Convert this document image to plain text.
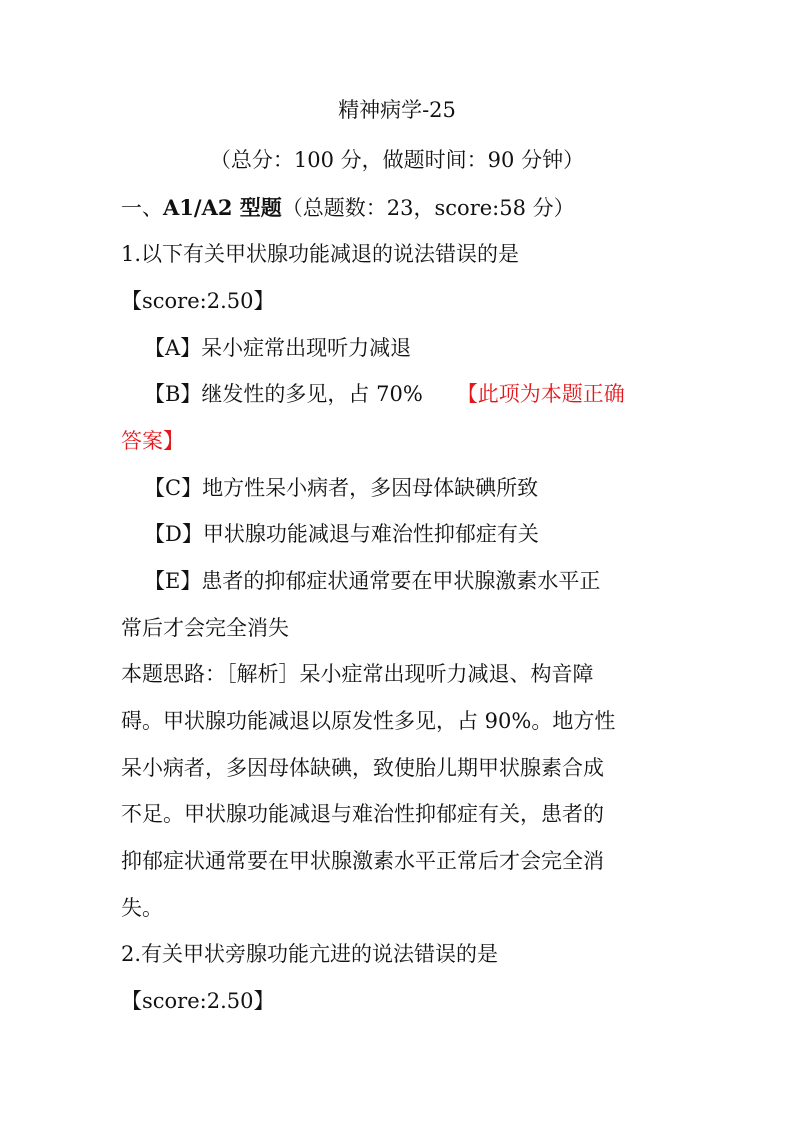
精神病学-25
（总分：100 分，做题时间：90 分钟）
一、A1/A2 型题（总题数：23，score:58 分）
1.以下有关甲状腺功能减退的说法错误的是
【score:2.50】
【A】呆小症常出现听力减退
【B】继发性的多见，占 70% 【此项为本题正确
答案】
【C】地方性呆小病者，多因母体缺碘所致
【D】甲状腺功能减退与难治性抑郁症有关
【E】患者的抑郁症状通常要在甲状腺激素水平正
常后才会完全消失
本题思路：［解析］呆小症常出现听力减退、构音障
碍。甲状腺功能减退以原发性多见，占 90%。地方性
呆小病者，多因母体缺碘，致使胎儿期甲状腺素合成
不足。甲状腺功能减退与难治性抑郁症有关，患者的
抑郁症状通常要在甲状腺激素水平正常后才会完全消
失。
2.有关甲状旁腺功能亢进的说法错误的是
【score:2.50】
